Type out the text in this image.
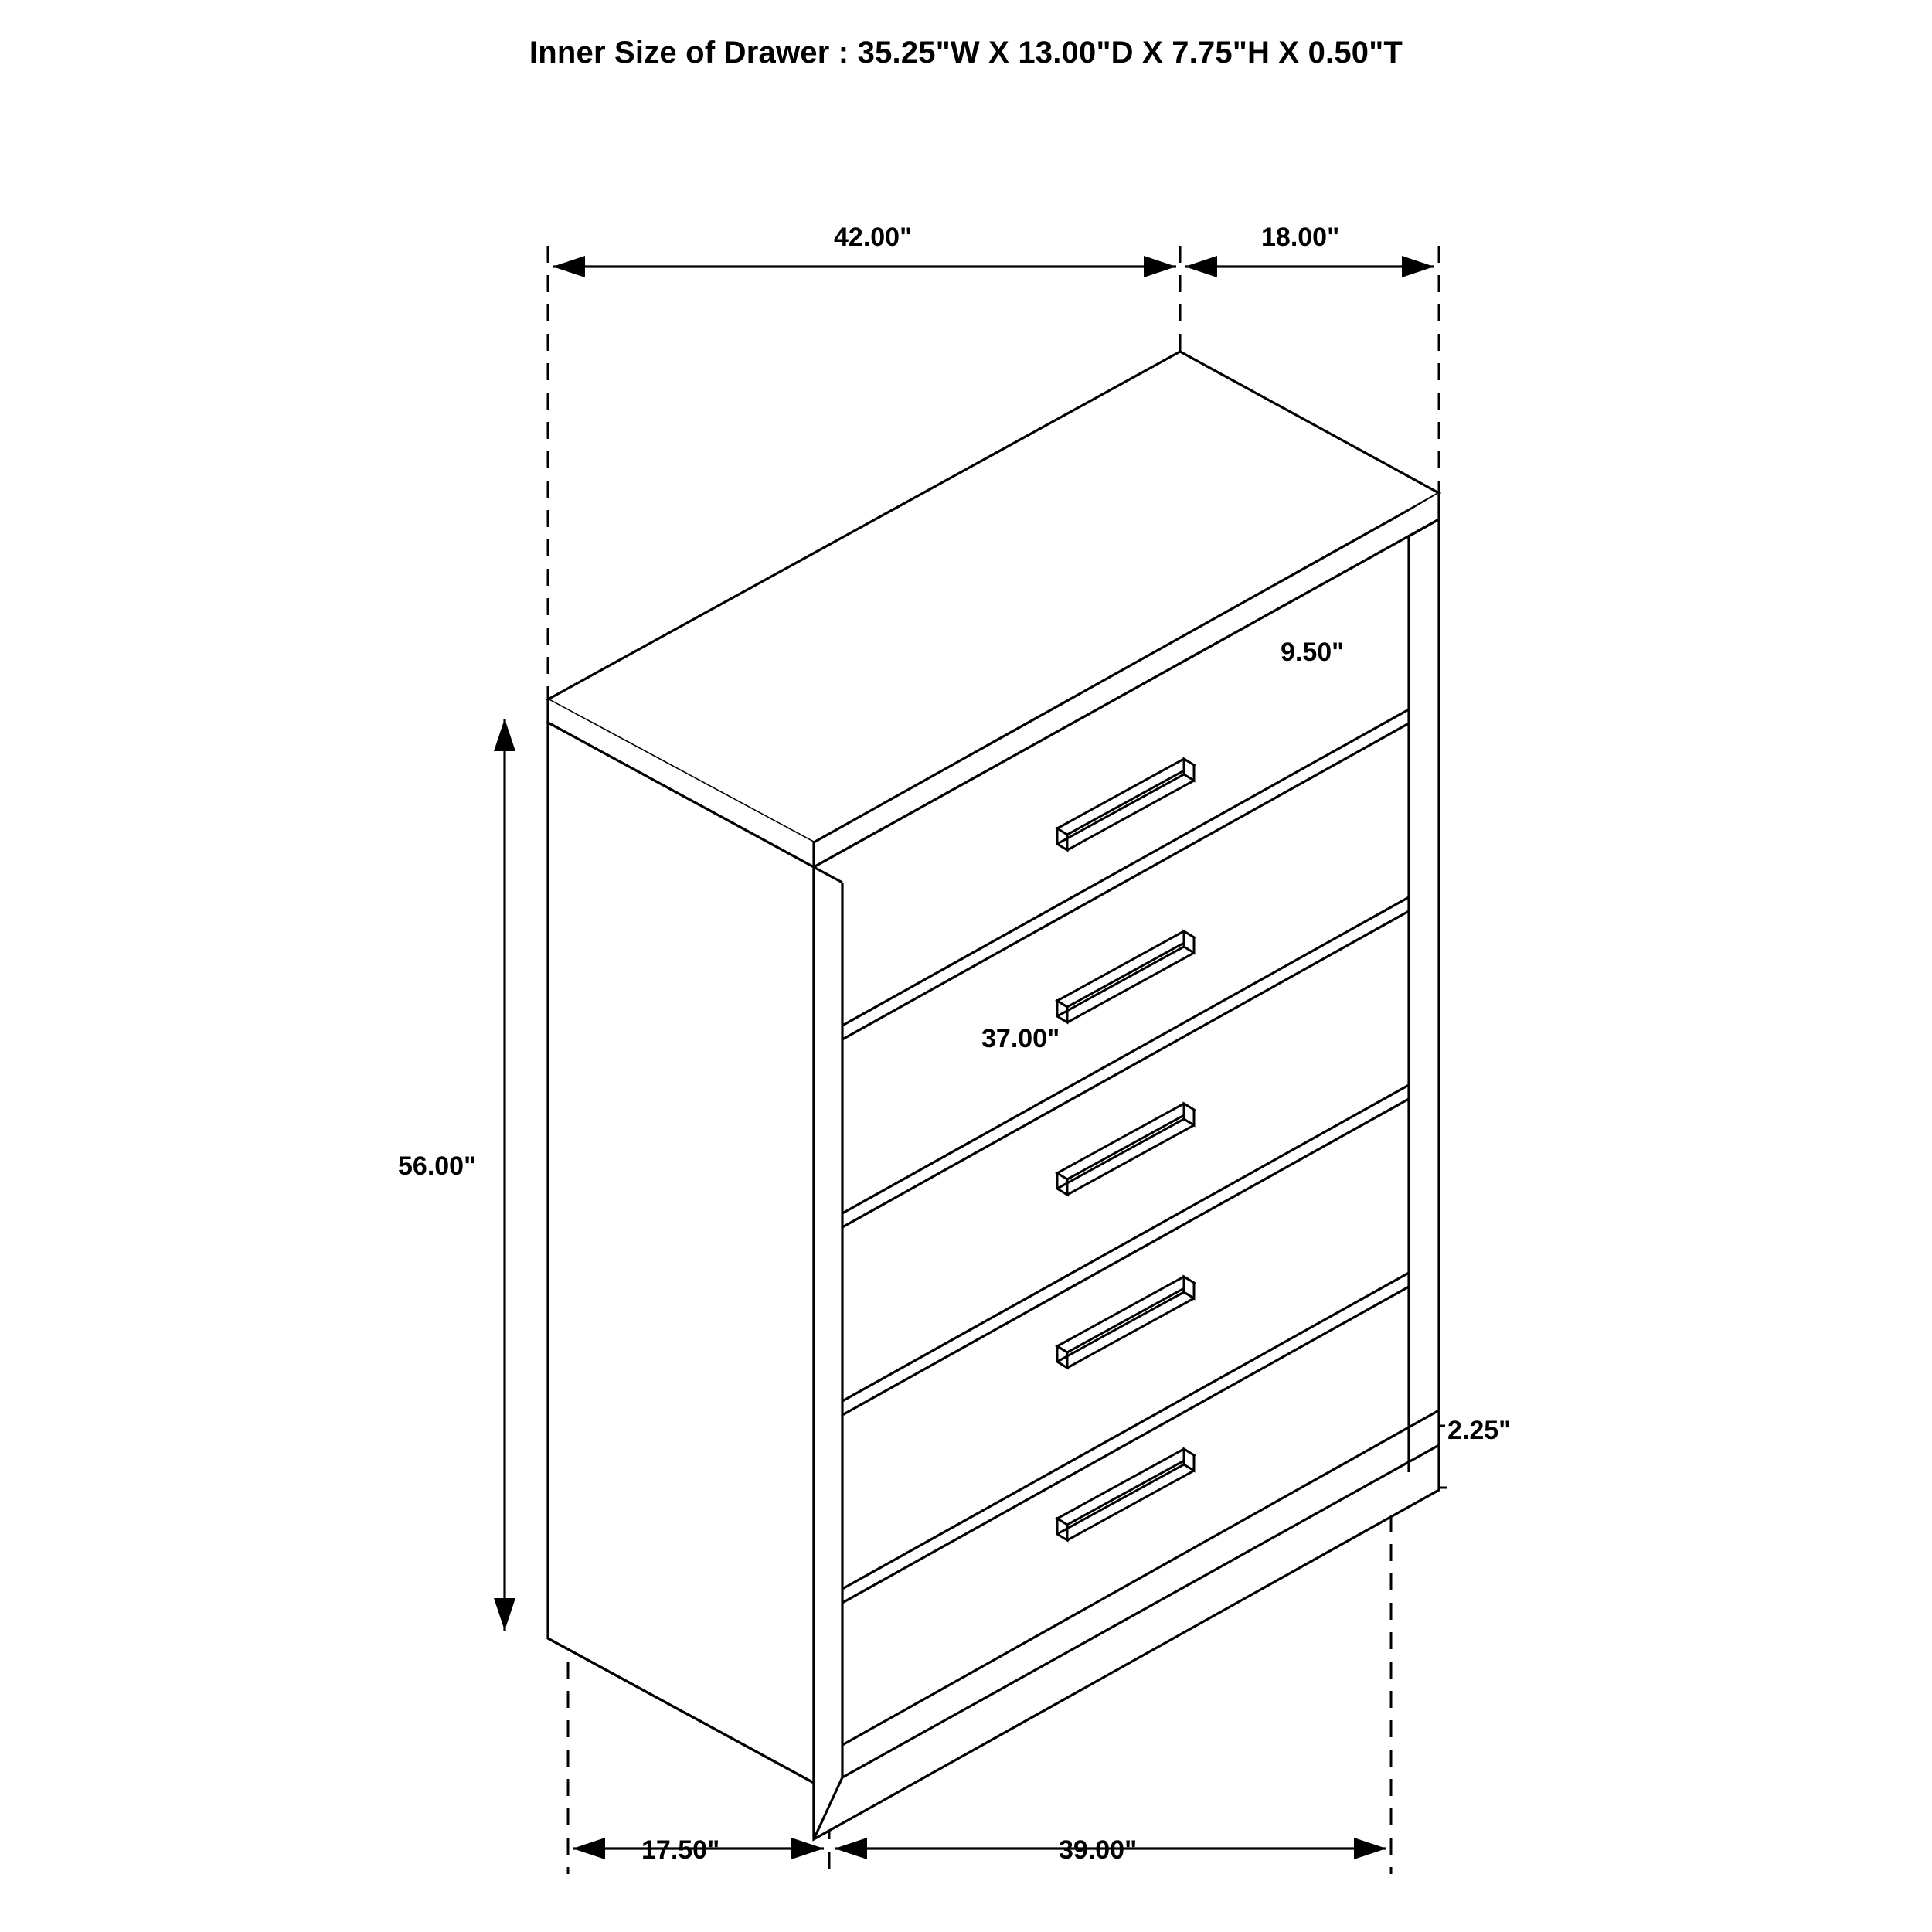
Inner Size of Drawer : 35.25"W X 13.00"D X 7.75"H X 0.50"T
42.00"	18.00"
9.50"
56.00"
37.00"
2.25"
17.50"	39.00"
